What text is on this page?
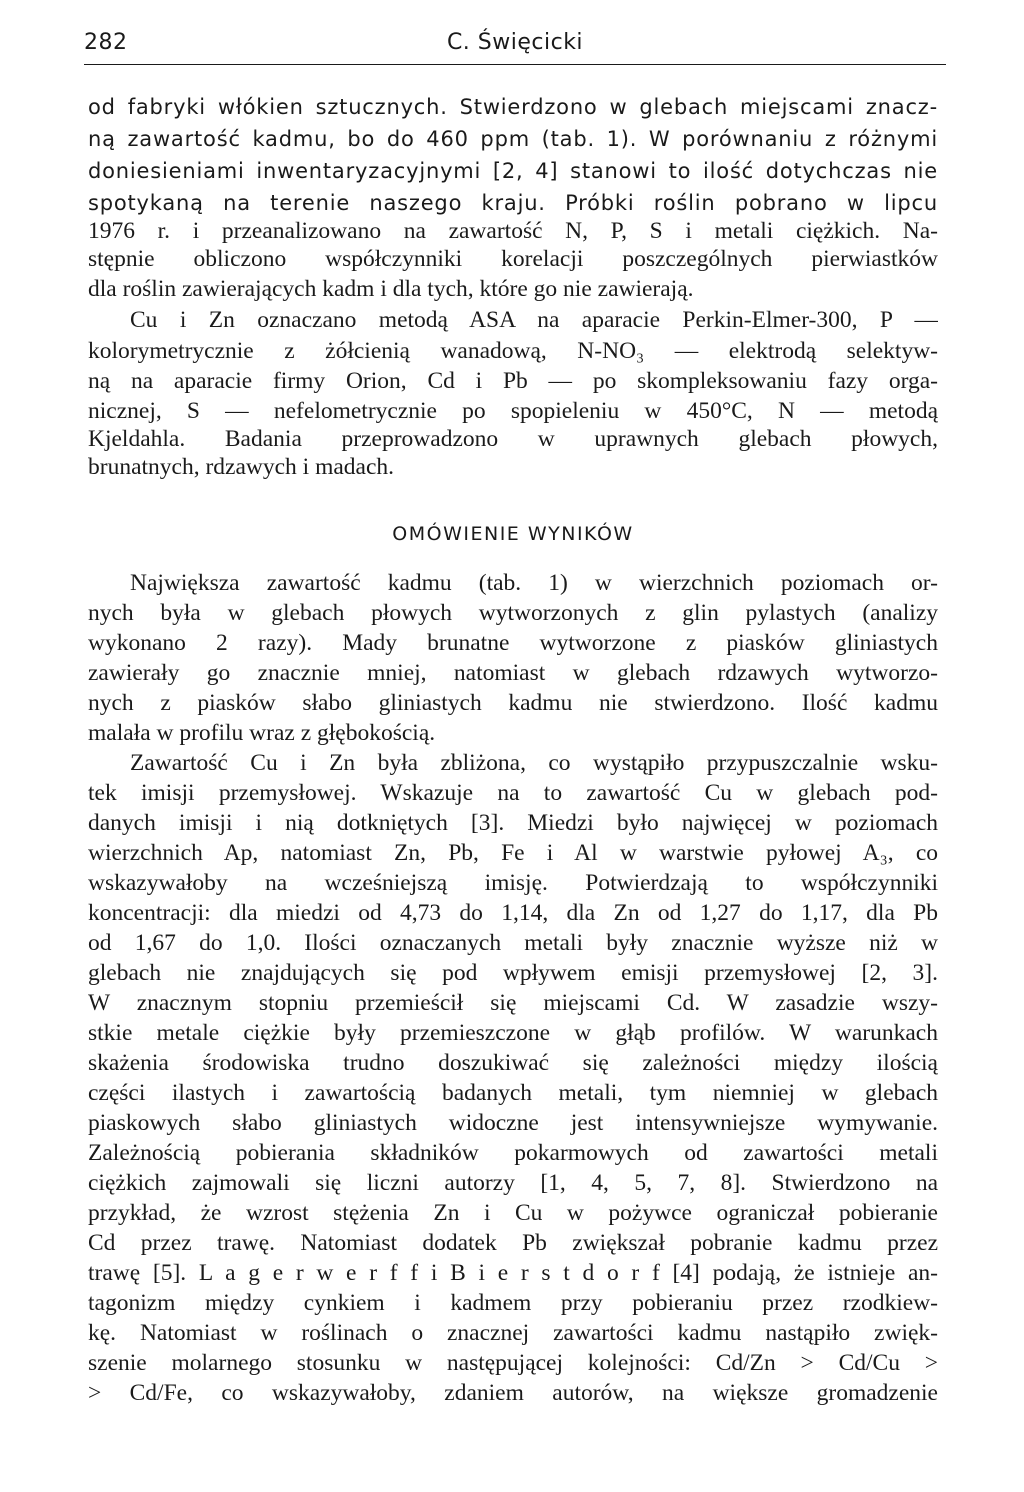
282	C. Święcicki
od fabryki włókien sztucznych. Stwierdzono w glebach miejscami znacz-
ną zawartość kadmu, bo do 460 ppm (tab. 1). W porównaniu z różnymi
doniesieniami inwentaryzacyjnymi [2, 4] stanowi to ilość dotychczas nie
spotykaną na terenie naszego kraju. Próbki roślin pobrano w lipcu
1976 r. i przeanalizowano na zawartość N, P, S i metali ciężkich. Na-
stępnie obliczono współczynniki korelacji poszczególnych pierwiastków
dla roślin zawierających kadm i dla tych, które go nie zawierają.
Cu i Zn oznaczano metodą ASA na aparacie Perkin-Elmer-300, P —
kolorymetrycznie z żółcienią wanadową, N-NO₃ — elektrodą selektyw-
ną na aparacie firmy Orion, Cd i Pb — po skompleksowaniu fazy orga-
nicznej, S — nefelometrycznie po spopieleniu w 450°C, N — metodą
Kjeldahla. Badania przeprowadzono w uprawnych glebach płowych,
brunatnych, rdzawych i madach.
OMÓWIENIE WYNIKÓW
Największa zawartość kadmu (tab. 1) w wierzchnich poziomach or-
nych była w glebach płowych wytworzonych z glin pylastych (analizy
wykonano 2 razy). Mady brunatne wytworzone z piasków gliniastych
zawierały go znacznie mniej, natomiast w glebach rdzawych wytworzo-
nych z piasków słabo gliniastych kadmu nie stwierdzono. Ilość kadmu
malała w profilu wraz z głębokością.
Zawartość Cu i Zn była zbliżona, co wystąpiło przypuszczalnie wsku-
tek imisji przemysłowej. Wskazuje na to zawartość Cu w glebach pod-
danych imisji i nią dotkniętych [3]. Miedzi było najwięcej w poziomach
wierzchnich Ap, natomiast Zn, Pb, Fe i Al w warstwie pyłowej A₃, co
wskazywałoby na wcześniejszą imisję. Potwierdzają to współczynniki
koncentracji: dla miedzi od 4,73 do 1,14, dla Zn od 1,27 do 1,17, dla Pb
od 1,67 do 1,0. Ilości oznaczanych metali były znacznie wyższe niż w
glebach nie znajdujących się pod wpływem emisji przemysłowej [2, 3].
W znacznym stopniu przemieścił się miejscami Cd. W zasadzie wszy-
stkie metale ciężkie były przemieszczone w głąb profilów. W warunkach
skażenia środowiska trudno doszukiwać się zależności między ilością
części ilastych i zawartością badanych metali, tym niemniej w glebach
piaskowych słabo gliniastych widoczne jest intensywniejsze wymywanie.
Zależnością pobierania składników pokarmowych od zawartości metali
ciężkich zajmowali się liczni autorzy [1, 4, 5, 7, 8]. Stwierdzono na
przykład, że wzrost stężenia Zn i Cu w pożywce ograniczał pobieranie
Cd przez trawę. Natomiast dodatek Pb zwiększał pobranie kadmu przez
trawę [5]. L a g e r w e r f f i B i e r s t d o r f [4] podają, że istnieje an-
tagonizm między cynkiem i kadmem przy pobieraniu przez rzodkiew-
kę. Natomiast w roślinach o znacznej zawartości kadmu nastąpiło zwięk-
szenie molarnego stosunku w następującej kolejności: Cd/Zn > Cd/Cu >
> Cd/Fe, co wskazywałoby, zdaniem autorów, na większe gromadzenie
